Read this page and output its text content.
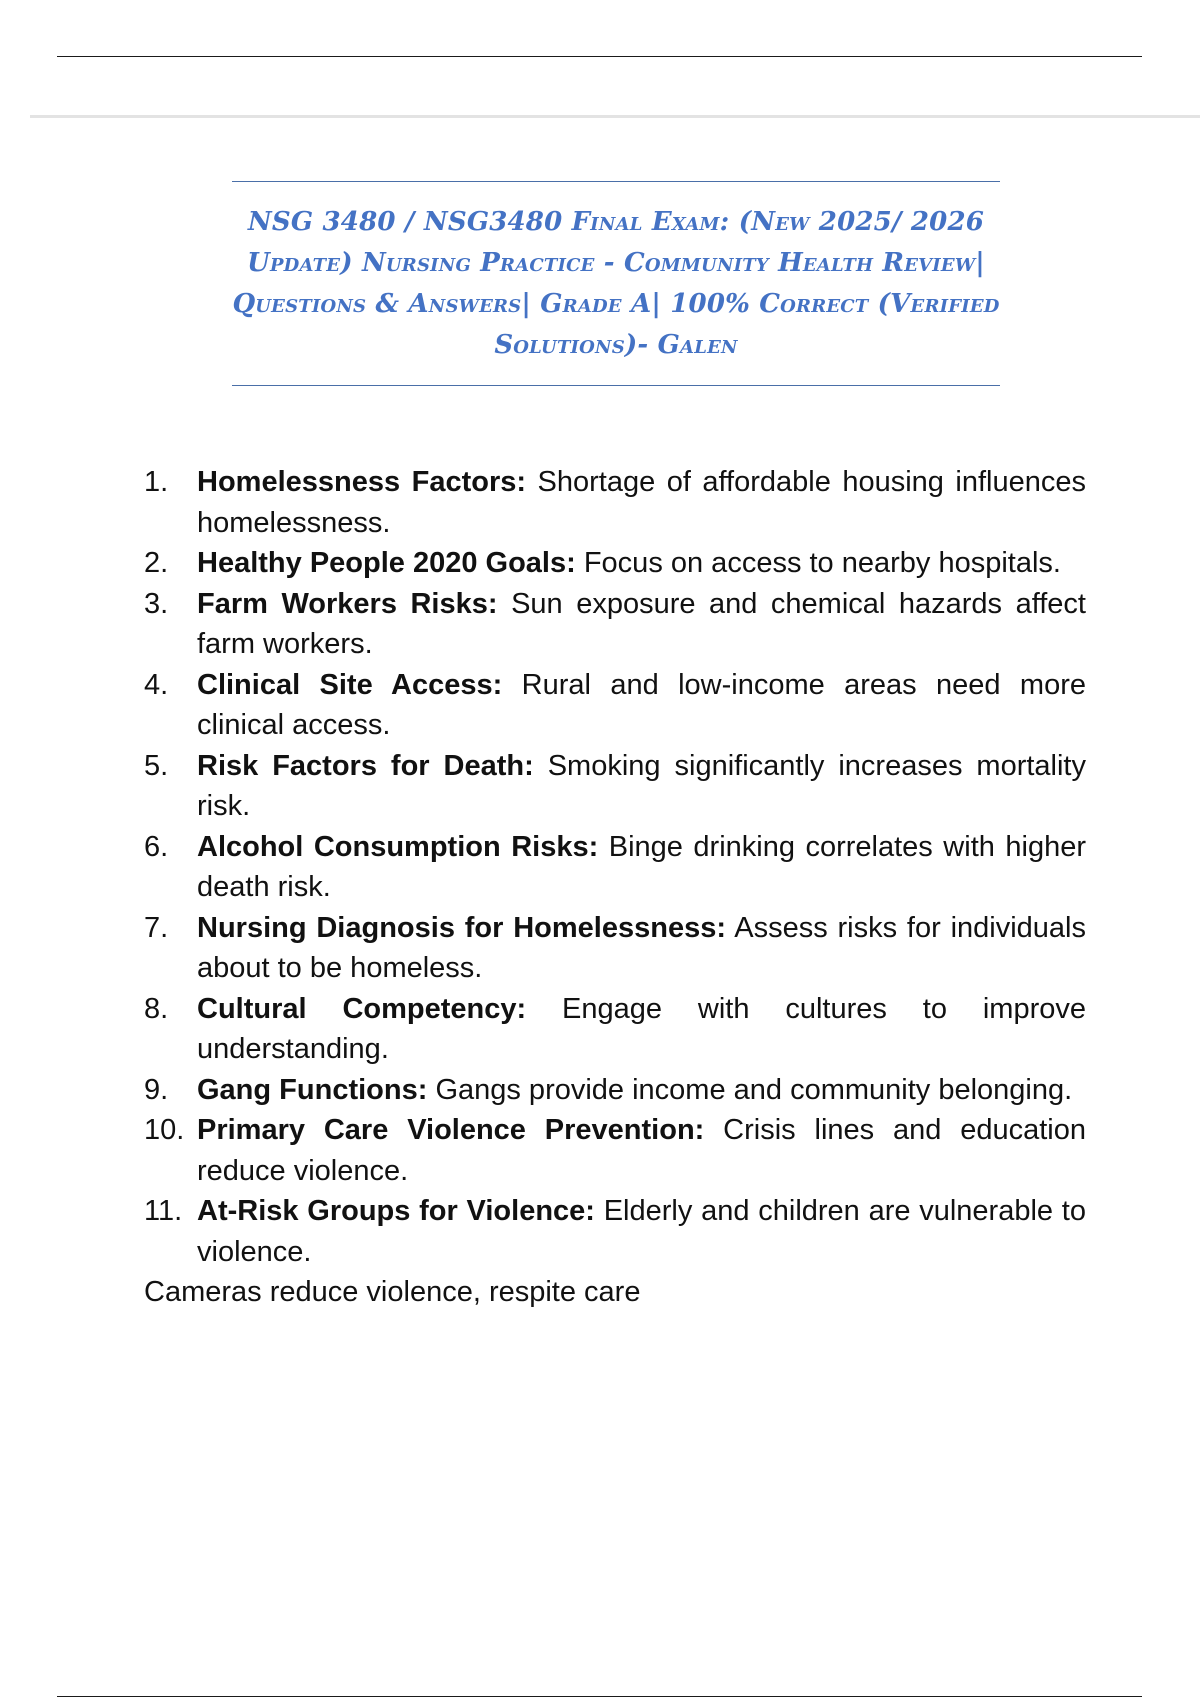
NSG 3480 / NSG3480 Final Exam: (New 2025/ 2026 Update) Nursing Practice - Community Health Review| Questions & Answers| Grade A| 100% Correct (Verified Solutions)- Galen
1. Homelessness Factors: Shortage of affordable housing influences homelessness.
2. Healthy People 2020 Goals: Focus on access to nearby hospitals.
3. Farm Workers Risks: Sun exposure and chemical hazards affect farm workers.
4. Clinical Site Access: Rural and low-income areas need more clinical access.
5. Risk Factors for Death: Smoking significantly increases mortality risk.
6. Alcohol Consumption Risks: Binge drinking correlates with higher death risk.
7. Nursing Diagnosis for Homelessness: Assess risks for individuals about to be homeless.
8. Cultural Competency: Engage with cultures to improve understanding.
9. Gang Functions: Gangs provide income and community belonging.
10. Primary Care Violence Prevention: Crisis lines and education reduce violence.
11. At-Risk Groups for Violence: Elderly and children are vulnerable to violence.

Cameras reduce violence, respite care
